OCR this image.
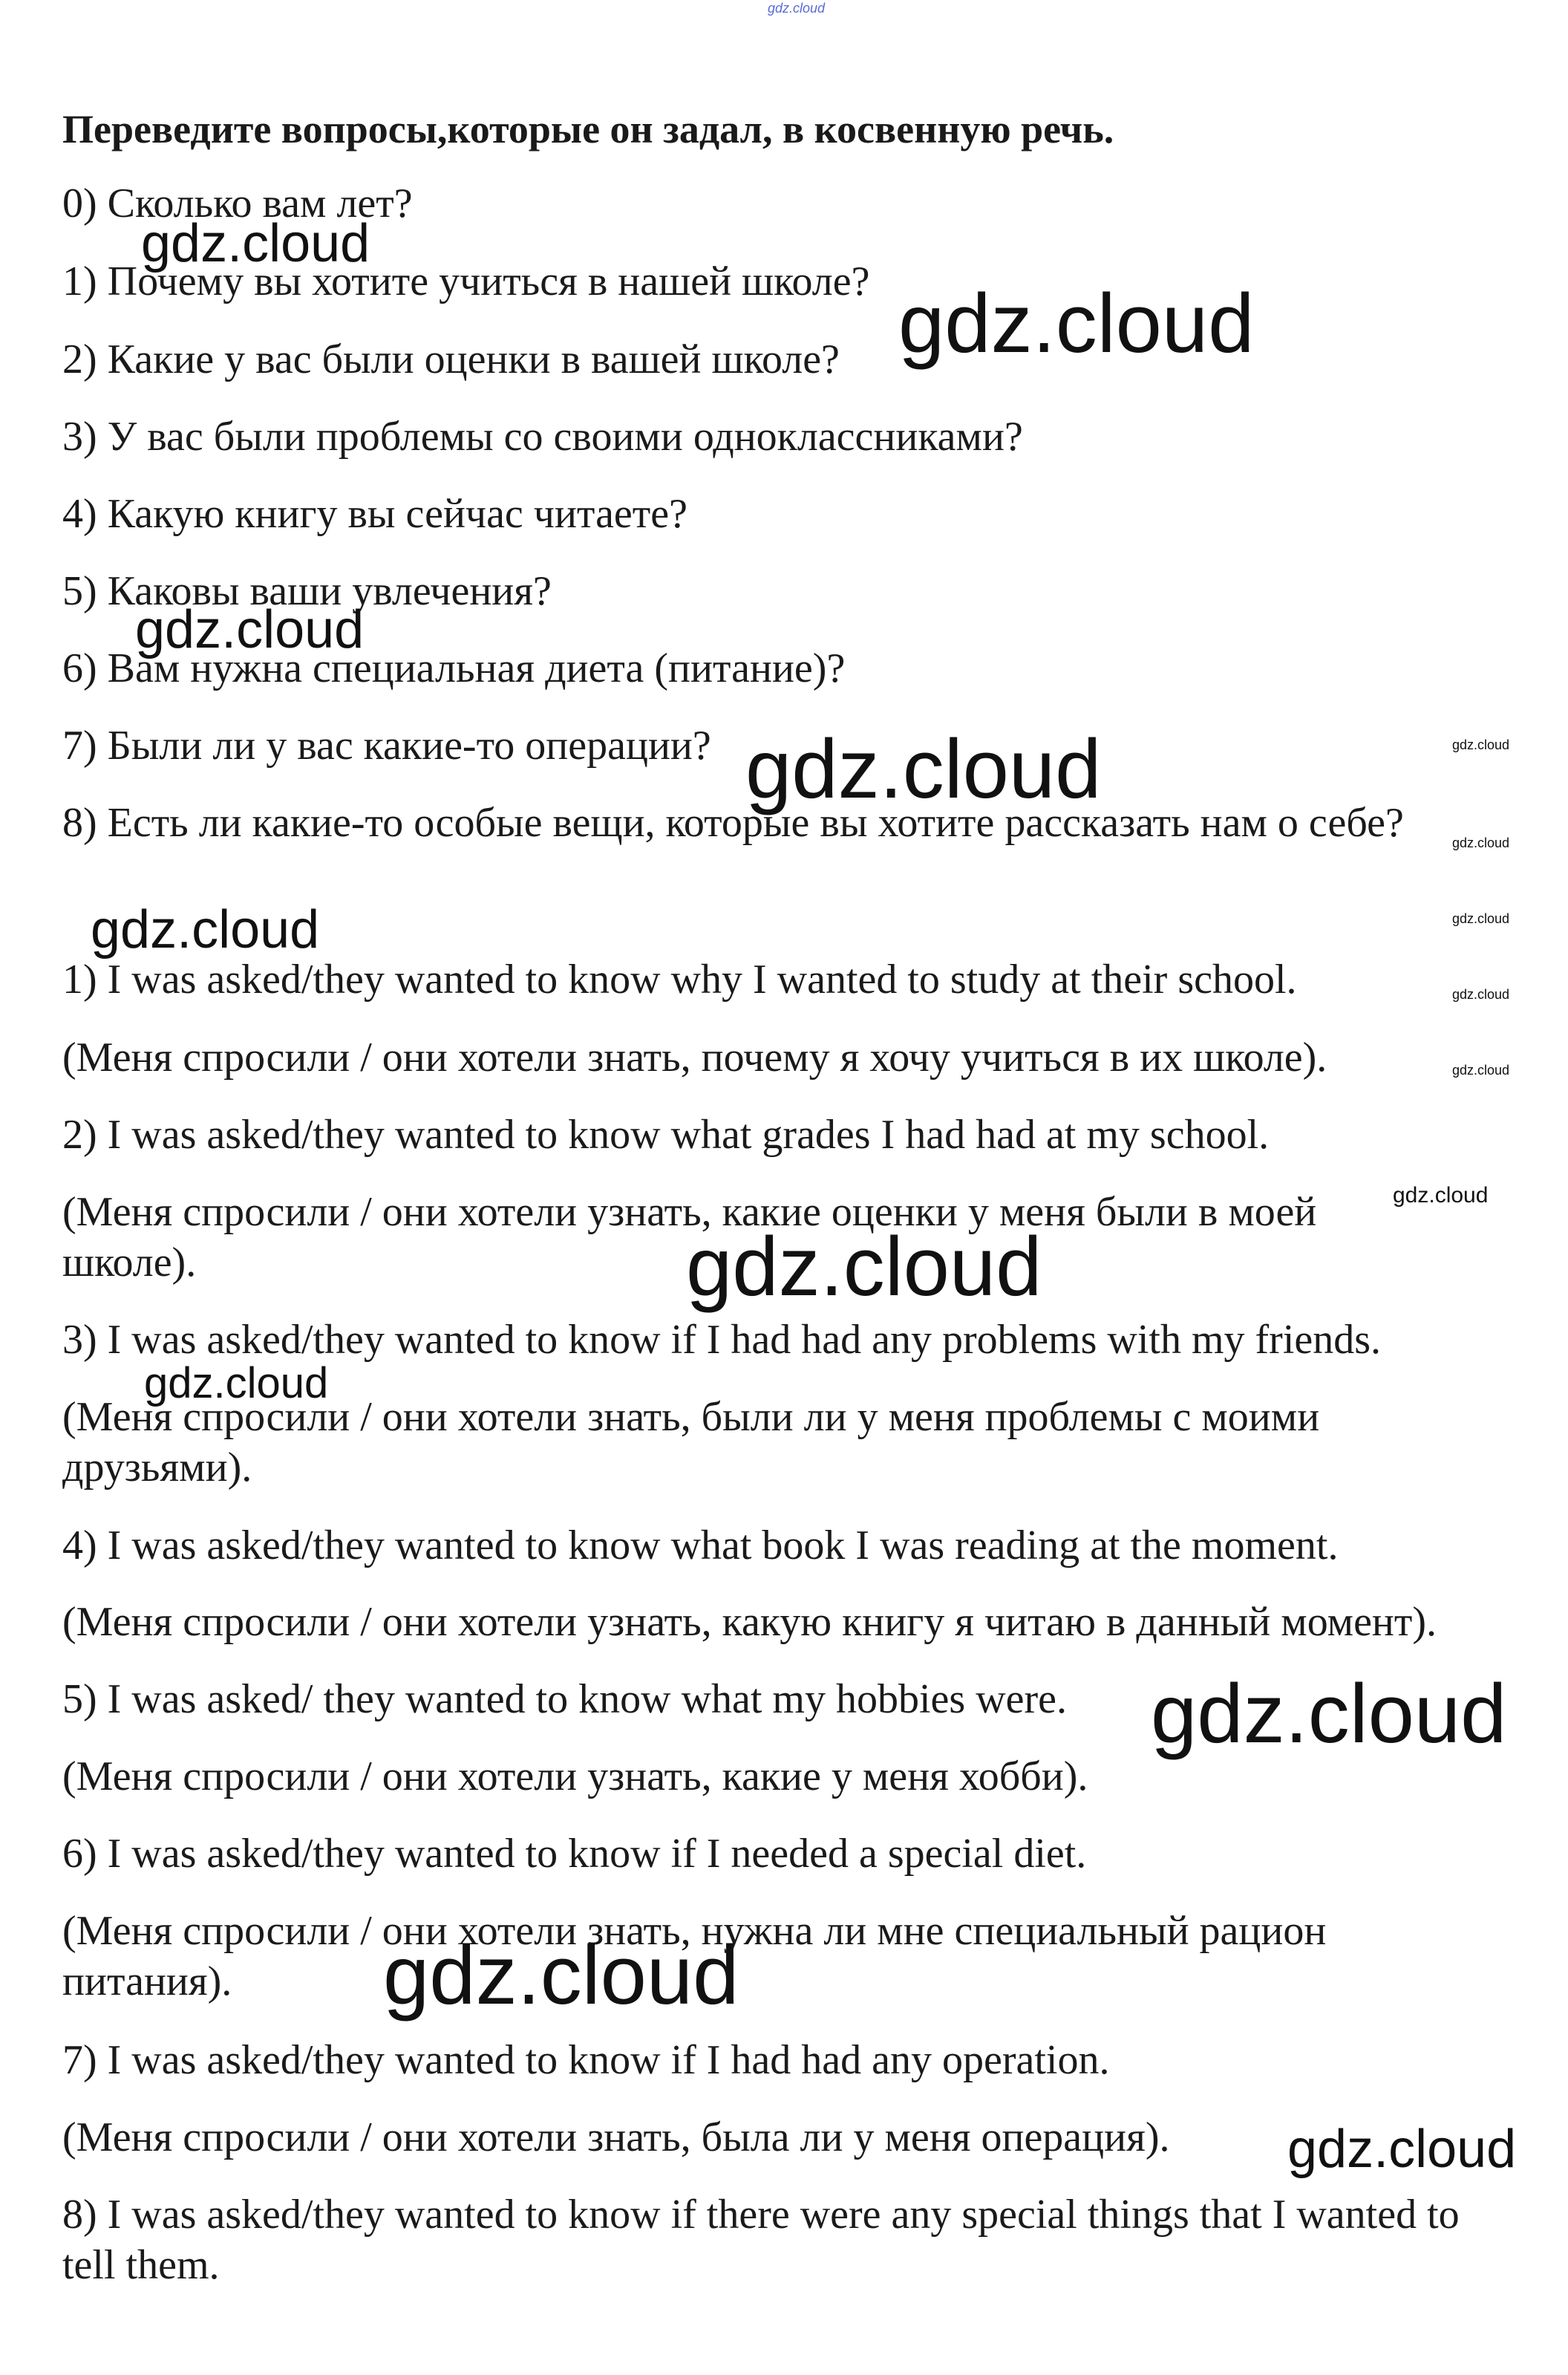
gdz.cloud
Переведите вопросы,которые он задал, в косвенную речь.
0) Сколько вам лет?
1) Почему вы хотите учиться в нашей школе?
2) Какие у вас были оценки в вашей школе?
3) У вас были проблемы со своими одноклассниками?
4) Какую книгу вы сейчас читаете?
5) Каковы ваши увлечения?
6) Вам нужна специальная диета (питание)?
7) Были ли у вас какие-то операции?
8) Есть ли какие-то особые вещи, которые вы хотите рассказать нам о себе?
1) I was asked/they wanted to know why I wanted to study at their school.
(Меня спросили / они хотели знать, почему я хочу учиться в их школе).
2) I was asked/they wanted to know what grades I had had at my school.
(Меня спросили / они хотели узнать, какие оценки у меня были в моей школе).
3) I was asked/they wanted to know if I had had any problems with my friends.
(Меня спросили / они хотели знать, были ли у меня проблемы с моими друзьями).
4) I was asked/they wanted to know what book I was reading at the moment.
(Меня спросили / они хотели узнать, какую книгу я читаю в данный момент).
5) I was asked/ they wanted to know what my hobbies were.
(Меня спросили / они хотели узнать, какие у меня хобби).
6) I was asked/they wanted to know if I needed a special diet.
(Меня спросили / они хотели знать, нужна ли мне специальный рацион питания).
7) I was asked/they wanted to know if I had had any operation.
(Меня спросили / они хотели знать, была ли у меня операция).
8) I was asked/they wanted to know if there were any special things that I wanted to tell them.
gdz.cloud
gdz.cloud
gdz.cloud
gdz.cloud
gdz.cloud
gdz.cloud
gdz.cloud
gdz.cloud
gdz.cloud
gdz.cloud
gdz.cloud
gdz.cloud
gdz.cloud
gdz.cloud
gdz.cloud
gdz.cloud
